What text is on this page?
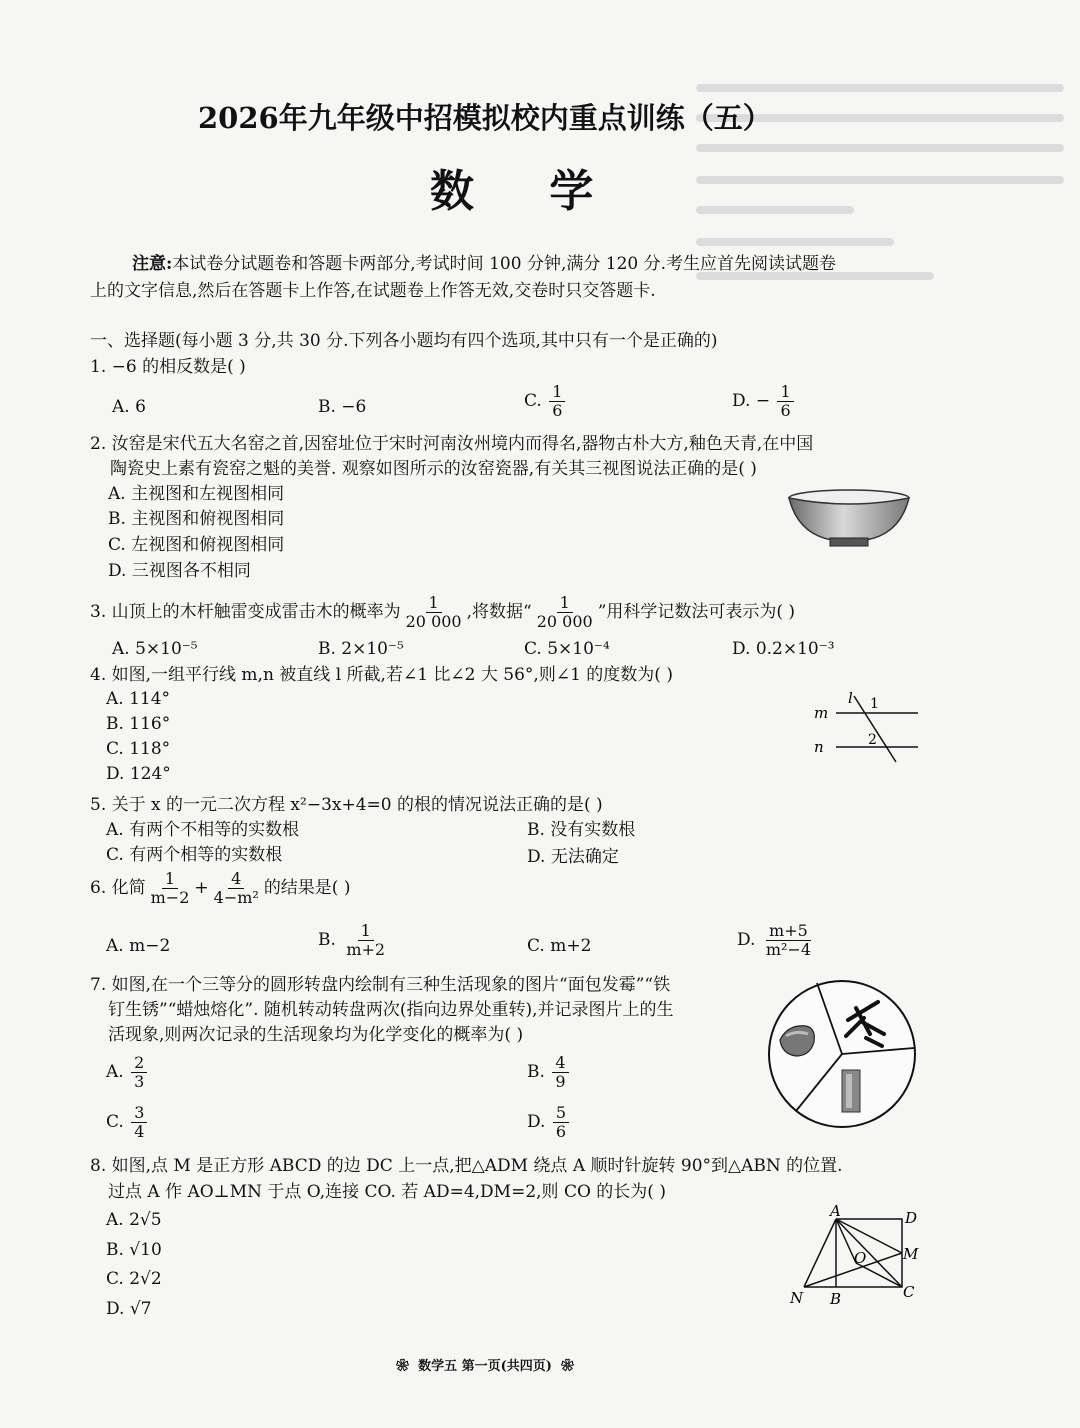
2026年九年级中招模拟校内重点训练（五）
数 学
注意:本试卷分试题卷和答题卡两部分,考试时间 100 分钟,满分 120 分.考生应首先阅读试题卷
上的文字信息,然后在答题卡上作答,在试题卷上作答无效,交卷时只交答题卡.
一、选择题(每小题 3 分,共 30 分.下列各小题均有四个选项,其中只有一个是正确的)
1. −6 的相反数是( )
A. 6	B. −6	C. $\frac{1}{6}$	D. − $\frac{1}{6}$
2. 汝窑是宋代五大名窑之首,因窑址位于宋时河南汝州境内而得名,器物古朴大方,釉色天青,在中国
陶瓷史上素有瓷窑之魁的美誉. 观察如图所示的汝窑瓷器,有关其三视图说法正确的是( )
A. 主视图和左视图相同
B. 主视图和俯视图相同
C. 左视图和俯视图相同
D. 三视图各不相同
3. 山顶上的木杆触雷变成雷击木的概率为 $\frac{1}{20 000}$ ,将数据“ $\frac{1}{20 000}$ ”用科学记数法可表示为( )
A. 5×10⁻⁵	B. 2×10⁻⁵	C. 5×10⁻⁴	D. 0.2×10⁻³
4. 如图,一组平行线 m,n 被直线 l 所截,若∠1 比∠2 大 56°,则∠1 的度数为( )
A. 114°
B. 116°
C. 118°
D. 124°
m
n
l 1
2
5. 关于 x 的一元二次方程 x²−3x+4=0 的根的情况说法正确的是( )
A. 有两个不相等的实数根	B. 没有实数根
C. 有两个相等的实数根	D. 无法确定
6. 化简 $\frac{1}{m-2} + \frac{4}{\text{4−m²}}$ 的结果是( )
A. m−2	B. $\frac{1}{m+2}$	C. m+2	D. $\frac{m+5}{\text{m²−4}}$
7. 如图,在一个三等分的圆形转盘内绘制有三种生活现象的图片“面包发霉”“铁
钉生锈”“蜡烛熔化”. 随机转动转盘两次(指向边界处重转),并记录图片上的生
活现象,则两次记录的生活现象均为化学变化的概率为( )
A. $\frac{2}{3}$	B. $\frac{4}{9}$
C. $\frac{3}{4}$	D. $\frac{5}{6}$
8. 如图,点 M 是正方形 ABCD 的边 DC 上一点,把△ADM 绕点 A 顺时针旋转 90°到△ABN 的位置.
过点 A 作 AO⊥MN 于点 O,连接 CO. 若 AD=4,DM=2,则 CO 的长为( )
A. 2√5
B. √10
C. 2√2
D. √7
A	D
M
C
B
N
O
❀ 数学五 第一页(共四页) ❀
